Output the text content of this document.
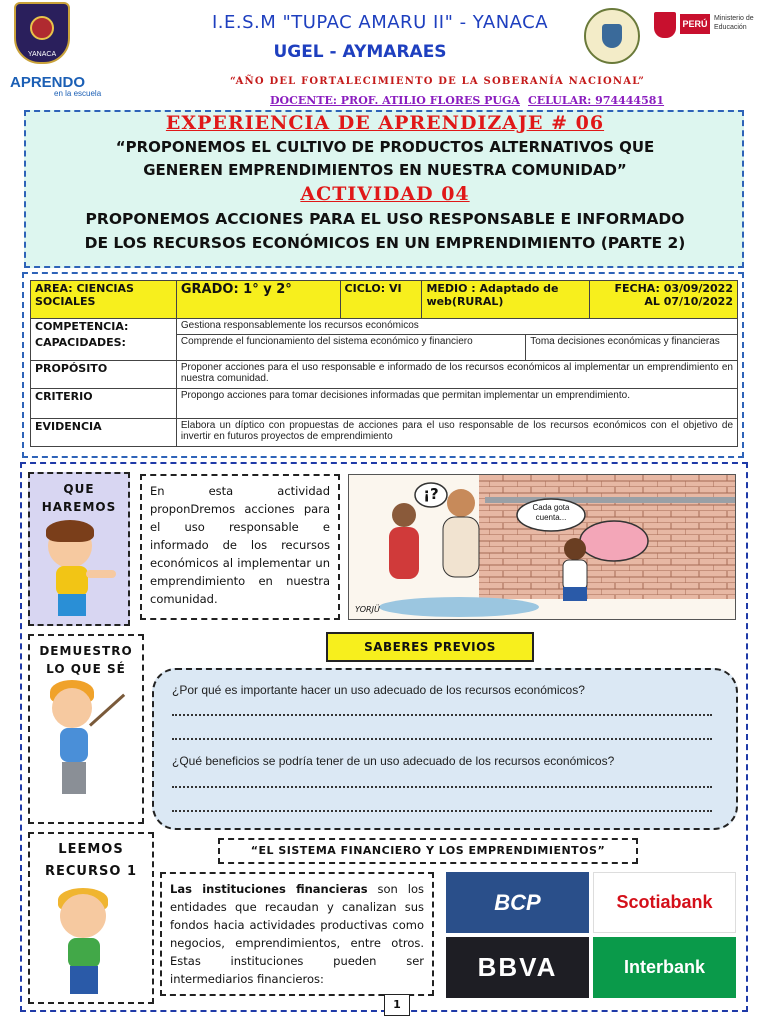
YANACA
APRENDO
en la escuela
I.E.S.M "TUPAC AMARU II" - YANACA
UGEL - AYMARAES
PERÚ
Ministerio de Educación
“AÑO DEL FORTALECIMIENTO DE LA SOBERANÍA NACIONAL”
DOCENTE: PROF. ATILIO FLORES PUGA CELULAR: 974444581
EXPERIENCIA DE APRENDIZAJE # 06
“PROPONEMOS EL CULTIVO DE PRODUCTOS ALTERNATIVOS QUE
GENEREN EMPRENDIMIENTOS EN NUESTRA COMUNIDAD”
ACTIVIDAD 04
PROPONEMOS ACCIONES PARA EL USO RESPONSABLE E INFORMADO
DE LOS RECURSOS ECONÓMICOS EN UN EMPRENDIMIENTO (PARTE 2)
AREA: CIENCIAS SOCIALES	GRADO: 1° y 2°	CICLO: VI	MEDIO : Adaptado de web(RURAL)		FECHA: 03/09/2022
AL 07/10/2022

COMPETENCIA:	Gestiona responsablemente los recursos económicos				
CAPACIDADES:	Comprende el funcionamiento del sistema económico y financiero			Toma decisiones económicas y financieras	
PROPÓSITO	Proponer acciones para el uso responsable e informado de los recursos económicos al implementar un emprendimiento en nuestra comunidad.				
CRITERIO	Propongo acciones para tomar decisiones informadas que permitan implementar un emprendimiento.				
EVIDENCIA	Elabora un díptico con propuestas de acciones para el uso responsable de los recursos económicos con el objetivo de invertir en futuros proyectos de emprendimiento				
QUE
HAREMOS
En esta actividad proponDremos acciones para el uso responsable e informado de los recursos económicos al implementar un emprendimiento en nuestra comunidad.
¡?
Cada gota cuenta...
YORJÜ
DEMUESTRO
LO QUE SÉ
SABERES PREVIOS
¿Por qué es importante hacer un uso adecuado de los recursos económicos?
¿Qué beneficios se podría tener de un uso adecuado de los recursos económicos?
LEEMOS
RECURSO 1
“EL SISTEMA FINANCIERO Y LOS EMPRENDIMIENTOS”
Las instituciones financieras son los entidades que recaudan y canalizan sus fondos hacia actividades productivas como negocios, emprendimientos, entre otros. Estas instituciones pueden ser intermediarios financieros:
BCP	Scotiabank
BBVA	Interbank
1
